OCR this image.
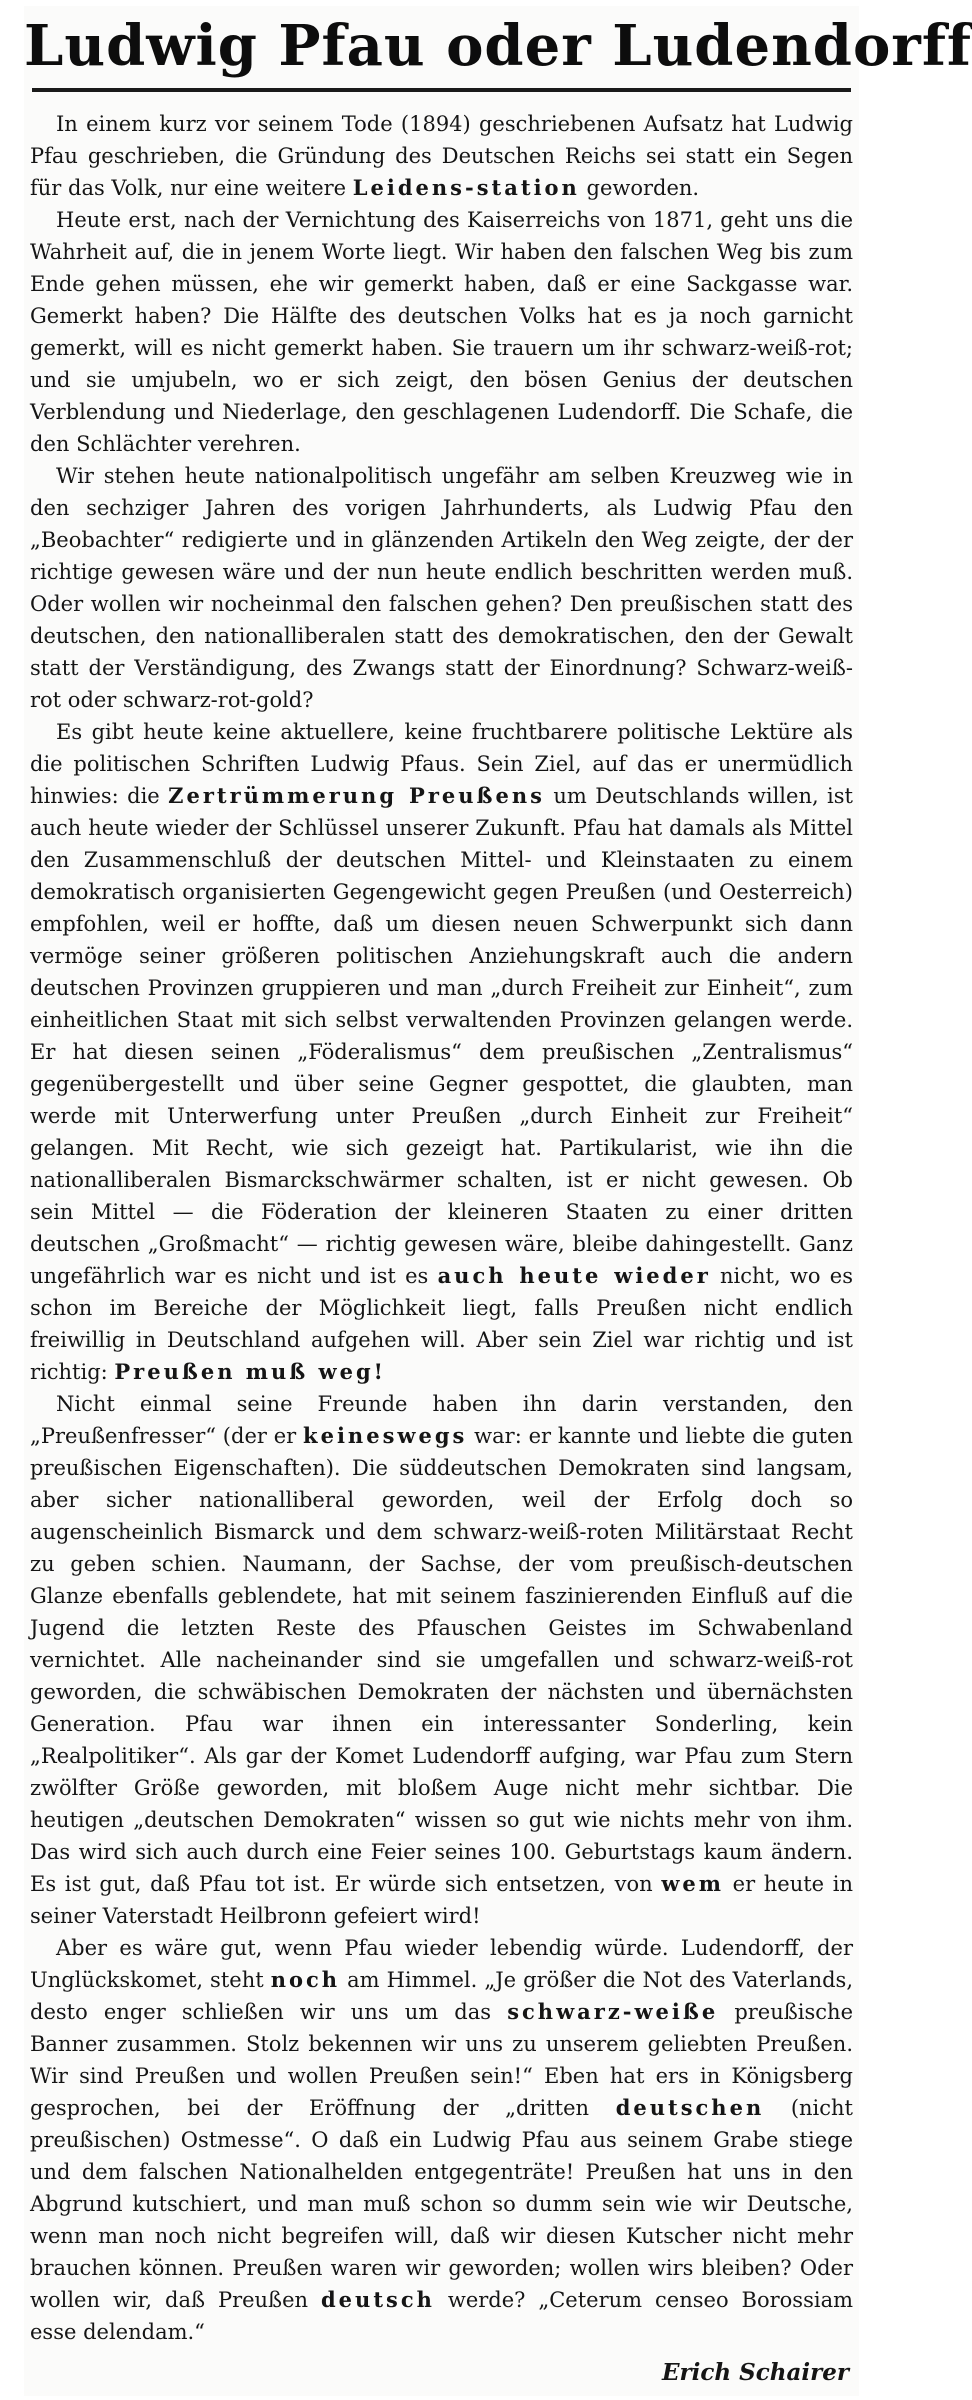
Ludwig Pfau oder Ludendorff

In einem kurz vor seinem Tode (1894) geschriebenen Aufsatz hat Ludwig Pfau geschrieben, die Gründung des Deutschen Reichs sei statt ein Segen für das Volk, nur eine weitere Leidens-station geworden.

Heute erst, nach der Vernichtung des Kaiserreichs von 1871, geht uns die Wahrheit auf, die in jenem Worte liegt. Wir haben den falschen Weg bis zum Ende gehen müssen, ehe wir gemerkt haben, daß er eine Sackgasse war. Gemerkt haben? Die Hälfte des deutschen Volks hat es ja noch garnicht gemerkt, will es nicht gemerkt haben. Sie trauern um ihr schwarz-weiß-rot; und sie umjubeln, wo er sich zeigt, den bösen Genius der deutschen Verblendung und Niederlage, den geschlagenen Ludendorff. Die Schafe, die den Schlächter verehren.

Wir stehen heute nationalpolitisch ungefähr am selben Kreuzweg wie in den sechziger Jahren des vorigen Jahrhunderts, als Ludwig Pfau den „Beobachter“ redigierte und in glänzenden Artikeln den Weg zeigte, der der richtige gewesen wäre und der nun heute endlich beschritten werden muß. Oder wollen wir nocheinmal den falschen gehen? Den preußischen statt des deutschen, den nationalliberalen statt des demokratischen, den der Gewalt statt der Verständigung, des Zwangs statt der Einordnung? Schwarz-weiß-rot oder schwarz-rot-gold?

Es gibt heute keine aktuellere, keine fruchtbarere politische Lektüre als die politischen Schriften Ludwig Pfaus. Sein Ziel, auf das er unermüdlich hinwies: die Zertrümmerung Preußens um Deutschlands willen, ist auch heute wieder der Schlüssel unserer Zukunft. Pfau hat damals als Mittel den Zusammenschluß der deutschen Mittel- und Kleinstaaten zu einem demokratisch organisierten Gegengewicht gegen Preußen (und Oesterreich) empfohlen, weil er hoffte, daß um diesen neuen Schwerpunkt sich dann vermöge seiner größeren politischen Anziehungskraft auch die andern deutschen Provinzen gruppieren und man „durch Freiheit zur Einheit“, zum einheitlichen Staat mit sich selbst verwaltenden Provinzen gelangen werde. Er hat diesen seinen „Föderalismus“ dem preußischen „Zentralismus“ gegenübergestellt und über seine Gegner gespottet, die glaubten, man werde mit Unterwerfung unter Preußen „durch Einheit zur Freiheit“ gelangen. Mit Recht, wie sich gezeigt hat. Partikularist, wie ihn die nationalliberalen Bismarckschwärmer schalten, ist er nicht gewesen. Ob sein Mittel — die Föderation der kleineren Staaten zu einer dritten deutschen „Großmacht“ — richtig gewesen wäre, bleibe dahingestellt. Ganz ungefährlich war es nicht und ist es auch heute wieder nicht, wo es schon im Bereiche der Möglichkeit liegt, falls Preußen nicht endlich freiwillig in Deutschland aufgehen will. Aber sein Ziel war richtig und ist richtig: Preußen muß weg!

Nicht einmal seine Freunde haben ihn darin verstanden, den „Preußenfresser“ (der er keineswegs war: er kannte und liebte die guten preußischen Eigenschaften). Die süddeutschen Demokraten sind langsam, aber sicher nationalliberal geworden, weil der Erfolg doch so augenscheinlich Bismarck und dem schwarz-weiß-roten Militärstaat Recht zu geben schien. Naumann, der Sachse, der vom preußisch-deutschen Glanze ebenfalls geblendete, hat mit seinem faszinierenden Einfluß auf die Jugend die letzten Reste des Pfauschen Geistes im Schwabenland vernichtet. Alle nacheinander sind sie umgefallen und schwarz-weiß-rot geworden, die schwäbischen Demokraten der nächsten und übernächsten Generation. Pfau war ihnen ein interessanter Sonderling, kein „Realpolitiker“. Als gar der Komet Ludendorff aufging, war Pfau zum Stern zwölfter Größe geworden, mit bloßem Auge nicht mehr sichtbar. Die heutigen „deutschen Demokraten“ wissen so gut wie nichts mehr von ihm. Das wird sich auch durch eine Feier seines 100. Geburtstags kaum ändern. Es ist gut, daß Pfau tot ist. Er würde sich entsetzen, von wem er heute in seiner Vaterstadt Heilbronn gefeiert wird!

Aber es wäre gut, wenn Pfau wieder lebendig würde. Ludendorff, der Unglückskomet, steht noch am Himmel. „Je größer die Not des Vaterlands, desto enger schließen wir uns um das schwarz-weiße preußische Banner zusammen. Stolz bekennen wir uns zu unserem geliebten Preußen. Wir sind Preußen und wollen Preußen sein!“ Eben hat ers in Königsberg gesprochen, bei der Eröffnung der „dritten deutschen (nicht preußischen) Ostmesse“. O daß ein Ludwig Pfau aus seinem Grabe stiege und dem falschen Nationalhelden entgegenträte! Preußen hat uns in den Abgrund kutschiert, und man muß schon so dumm sein wie wir Deutsche, wenn man noch nicht begreifen will, daß wir diesen Kutscher nicht mehr brauchen können. Preußen waren wir geworden; wollen wirs bleiben? Oder wollen wir, daß Preußen deutsch werde? „Ceterum censeo Borossiam esse delendam.“

Erich Schairer
